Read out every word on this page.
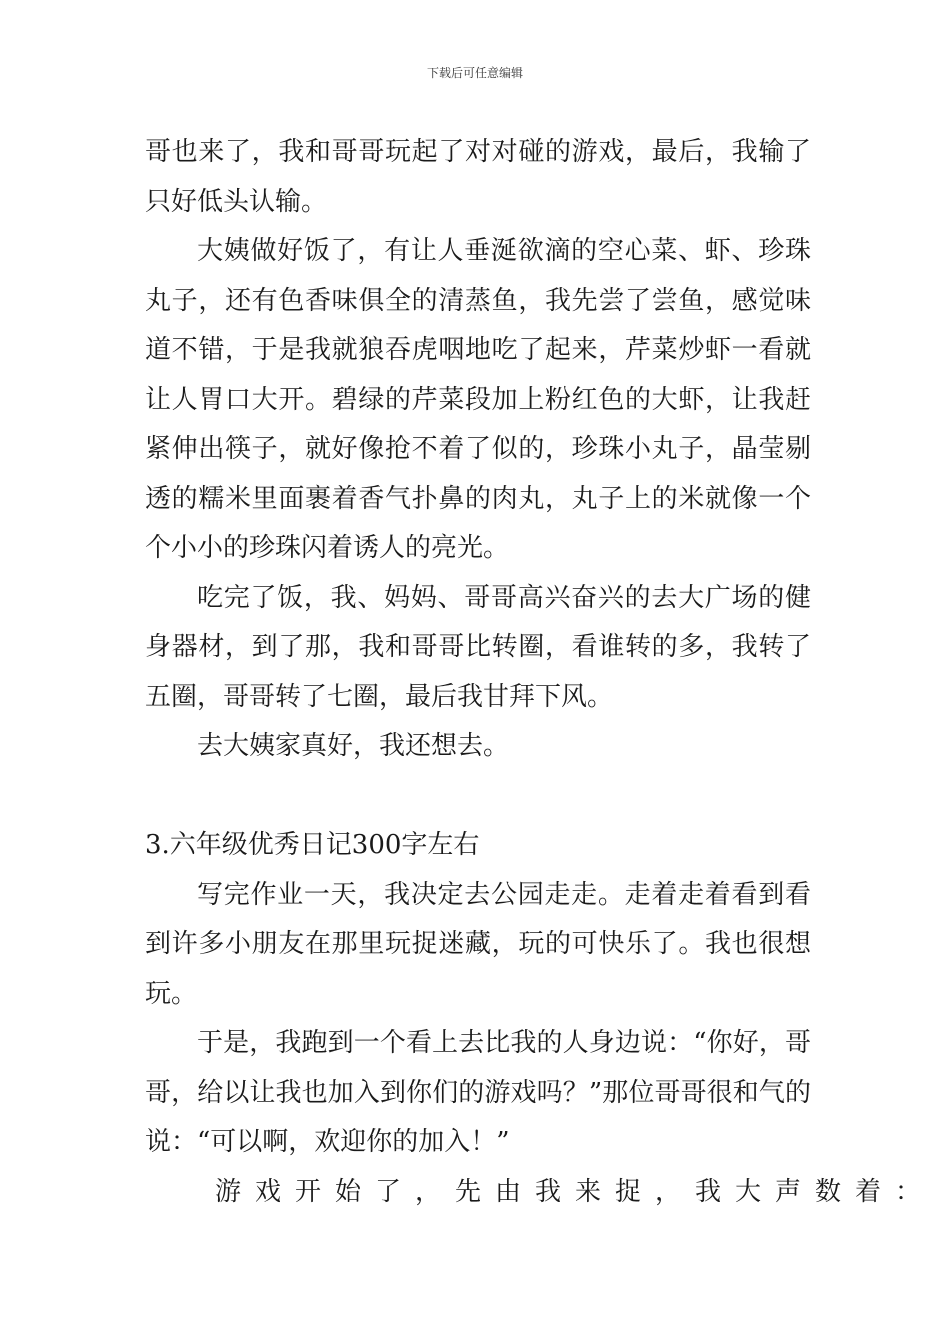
下载后可任意编辑

哥也来了，我和哥哥玩起了对对碰的游戏，最后，我输了只好低头认输。

大姨做好饭了，有让人垂涎欲滴的空心菜、虾、珍珠丸子，还有色香味俱全的清蒸鱼，我先尝了尝鱼，感觉味道不错，于是我就狼吞虎咽地吃了起来，芹菜炒虾一看就让人胃口大开。碧绿的芹菜段加上粉红色的大虾，让我赶紧伸出筷子，就好像抢不着了似的，珍珠小丸子，晶莹剔透的糯米里面裹着香气扑鼻的肉丸，丸子上的米就像一个个小小的珍珠闪着诱人的亮光。

吃完了饭，我、妈妈、哥哥高兴奋兴的去大广场的健身器材，到了那，我和哥哥比转圈，看谁转的多，我转了五圈，哥哥转了七圈，最后我甘拜下风。

去大姨家真好，我还想去。

3.六年级优秀日记300字左右

写完作业一天，我决定去公园走走。走着走着看到看到许多小朋友在那里玩捉迷藏，玩的可快乐了。我也很想玩。

于是，我跑到一个看上去比我的人身边说：“你好，哥哥，给以让我也加入到你们的游戏吗？”那位哥哥很和气的说：“可以啊，欢迎你的加入！”

游戏开始了，先由我来捉，我大声数着：
